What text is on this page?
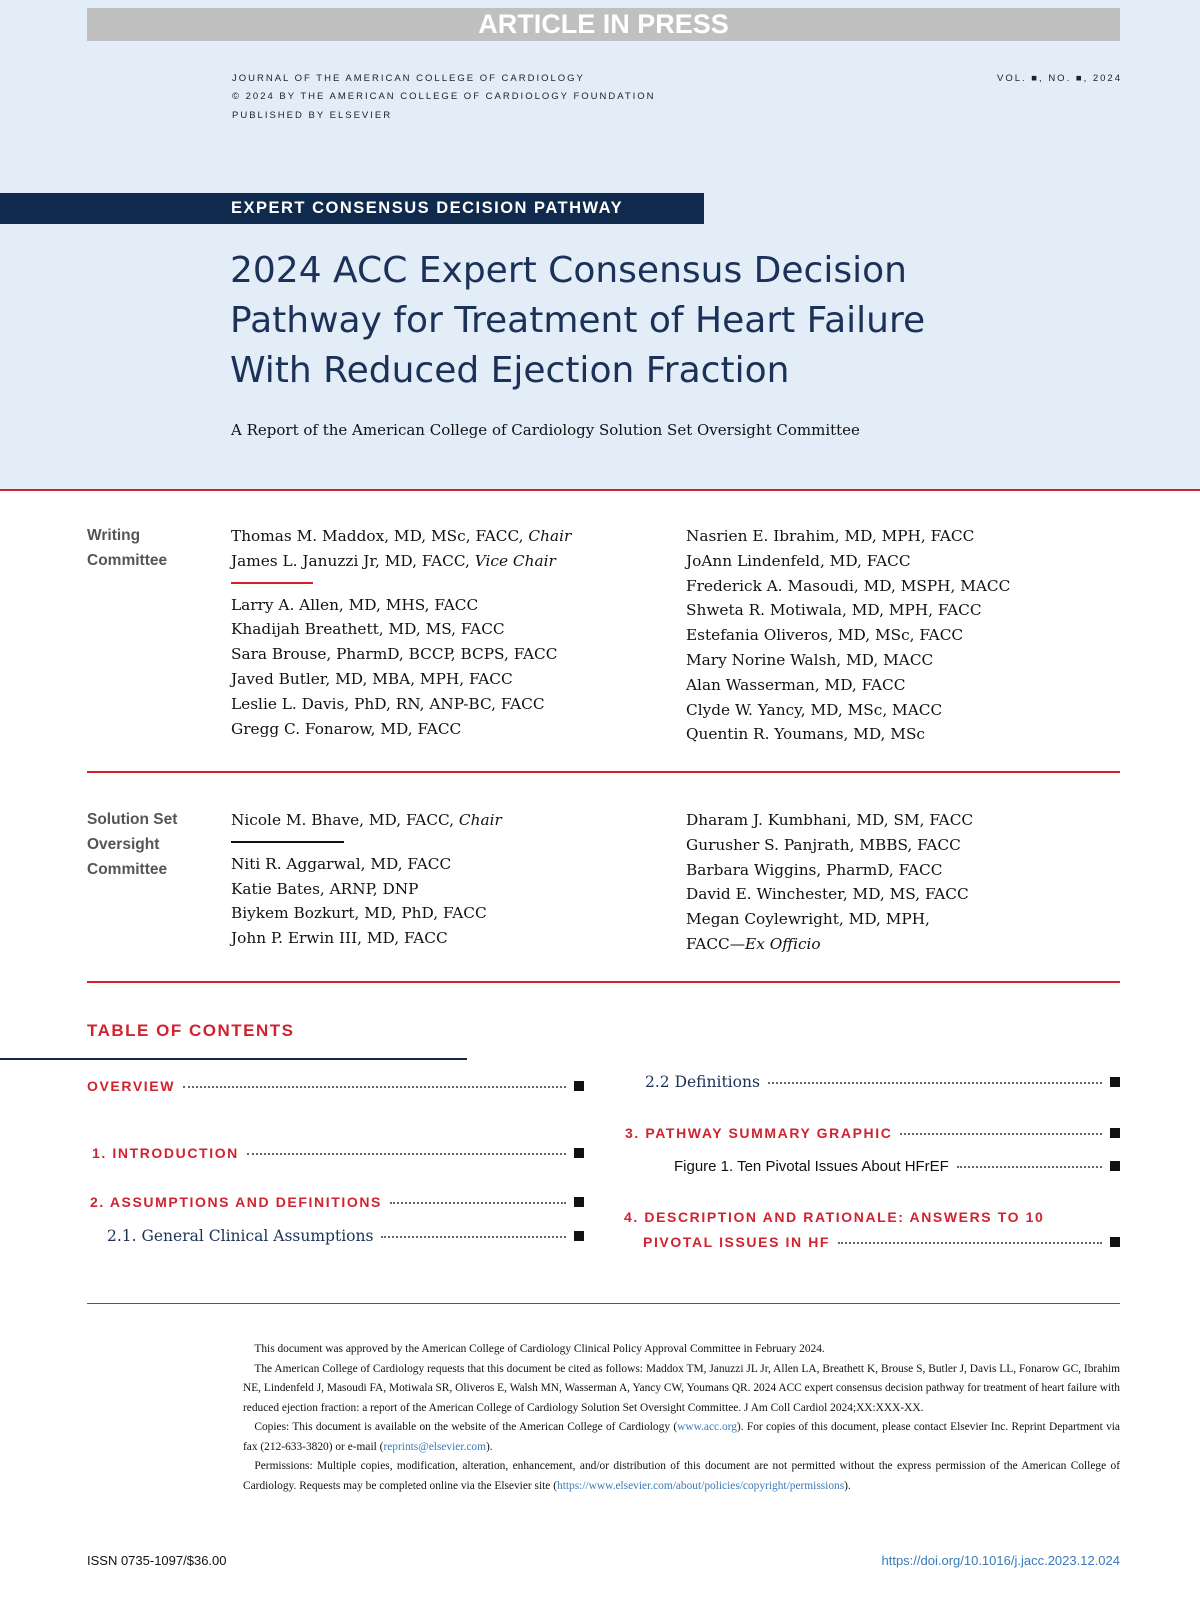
ARTICLE IN PRESS
JOURNAL OF THE AMERICAN COLLEGE OF CARDIOLOGY
© 2024 BY THE AMERICAN COLLEGE OF CARDIOLOGY FOUNDATION
PUBLISHED BY ELSEVIER
VOL. ■, NO. ■, 2024
EXPERT CONSENSUS DECISION PATHWAY
2024 ACC Expert Consensus Decision
Pathway for Treatment of Heart Failure
With Reduced Ejection Fraction
A Report of the American College of Cardiology Solution Set Oversight Committee
Writing
Committee
Thomas M. Maddox, MD, MSc, FACC, Chair
James L. Januzzi Jr, MD, FACC, Vice Chair
Larry A. Allen, MD, MHS, FACC
Khadijah Breathett, MD, MS, FACC
Sara Brouse, PharmD, BCCP, BCPS, FACC
Javed Butler, MD, MBA, MPH, FACC
Leslie L. Davis, PhD, RN, ANP-BC, FACC
Gregg C. Fonarow, MD, FACC
Nasrien E. Ibrahim, MD, MPH, FACC
JoAnn Lindenfeld, MD, FACC
Frederick A. Masoudi, MD, MSPH, MACC
Shweta R. Motiwala, MD, MPH, FACC
Estefania Oliveros, MD, MSc, FACC
Mary Norine Walsh, MD, MACC
Alan Wasserman, MD, FACC
Clyde W. Yancy, MD, MSc, MACC
Quentin R. Youmans, MD, MSc
Solution Set
Oversight
Committee
Nicole M. Bhave, MD, FACC, Chair
Niti R. Aggarwal, MD, FACC
Katie Bates, ARNP, DNP
Biykem Bozkurt, MD, PhD, FACC
John P. Erwin III, MD, FACC
Dharam J. Kumbhani, MD, SM, FACC
Gurusher S. Panjrath, MBBS, FACC
Barbara Wiggins, PharmD, FACC
David E. Winchester, MD, MS, FACC
Megan Coylewright, MD, MPH,
FACC—Ex Officio
TABLE OF CONTENTS
OVERVIEW
1. INTRODUCTION
2. ASSUMPTIONS AND DEFINITIONS
2.1. General Clinical Assumptions
2.2 Definitions
3. PATHWAY SUMMARY GRAPHIC
Figure 1. Ten Pivotal Issues About HFrEF
4. DESCRIPTION AND RATIONALE: ANSWERS TO 10
PIVOTAL ISSUES IN HF

This document was approved by the American College of Cardiology Clinical Policy Approval Committee in February 2024.

The American College of Cardiology requests that this document be cited as follows: Maddox TM, Januzzi JL Jr, Allen LA, Breathett K, Brouse S, Butler J, Davis LL, Fonarow GC, Ibrahim NE, Lindenfeld J, Masoudi FA, Motiwala SR, Oliveros E, Walsh MN, Wasserman A, Yancy CW, Youmans QR. 2024 ACC expert consensus decision pathway for treatment of heart failure with reduced ejection fraction: a report of the American College of Cardiology Solution Set Oversight Committee. J Am Coll Cardiol 2024;XX:XXX-XX.

Copies: This document is available on the website of the American College of Cardiology (www.acc.org). For copies of this document, please contact Elsevier Inc. Reprint Department via fax (212-633-3820) or e-mail (reprints@elsevier.com).

Permissions: Multiple copies, modification, alteration, enhancement, and/or distribution of this document are not permitted without the express permission of the American College of Cardiology. Requests may be completed online via the Elsevier site (https://www.elsevier.com/about/policies/copyright/permissions).

ISSN 0735-1097/$36.00	https://doi.org/10.1016/j.jacc.2023.12.024
